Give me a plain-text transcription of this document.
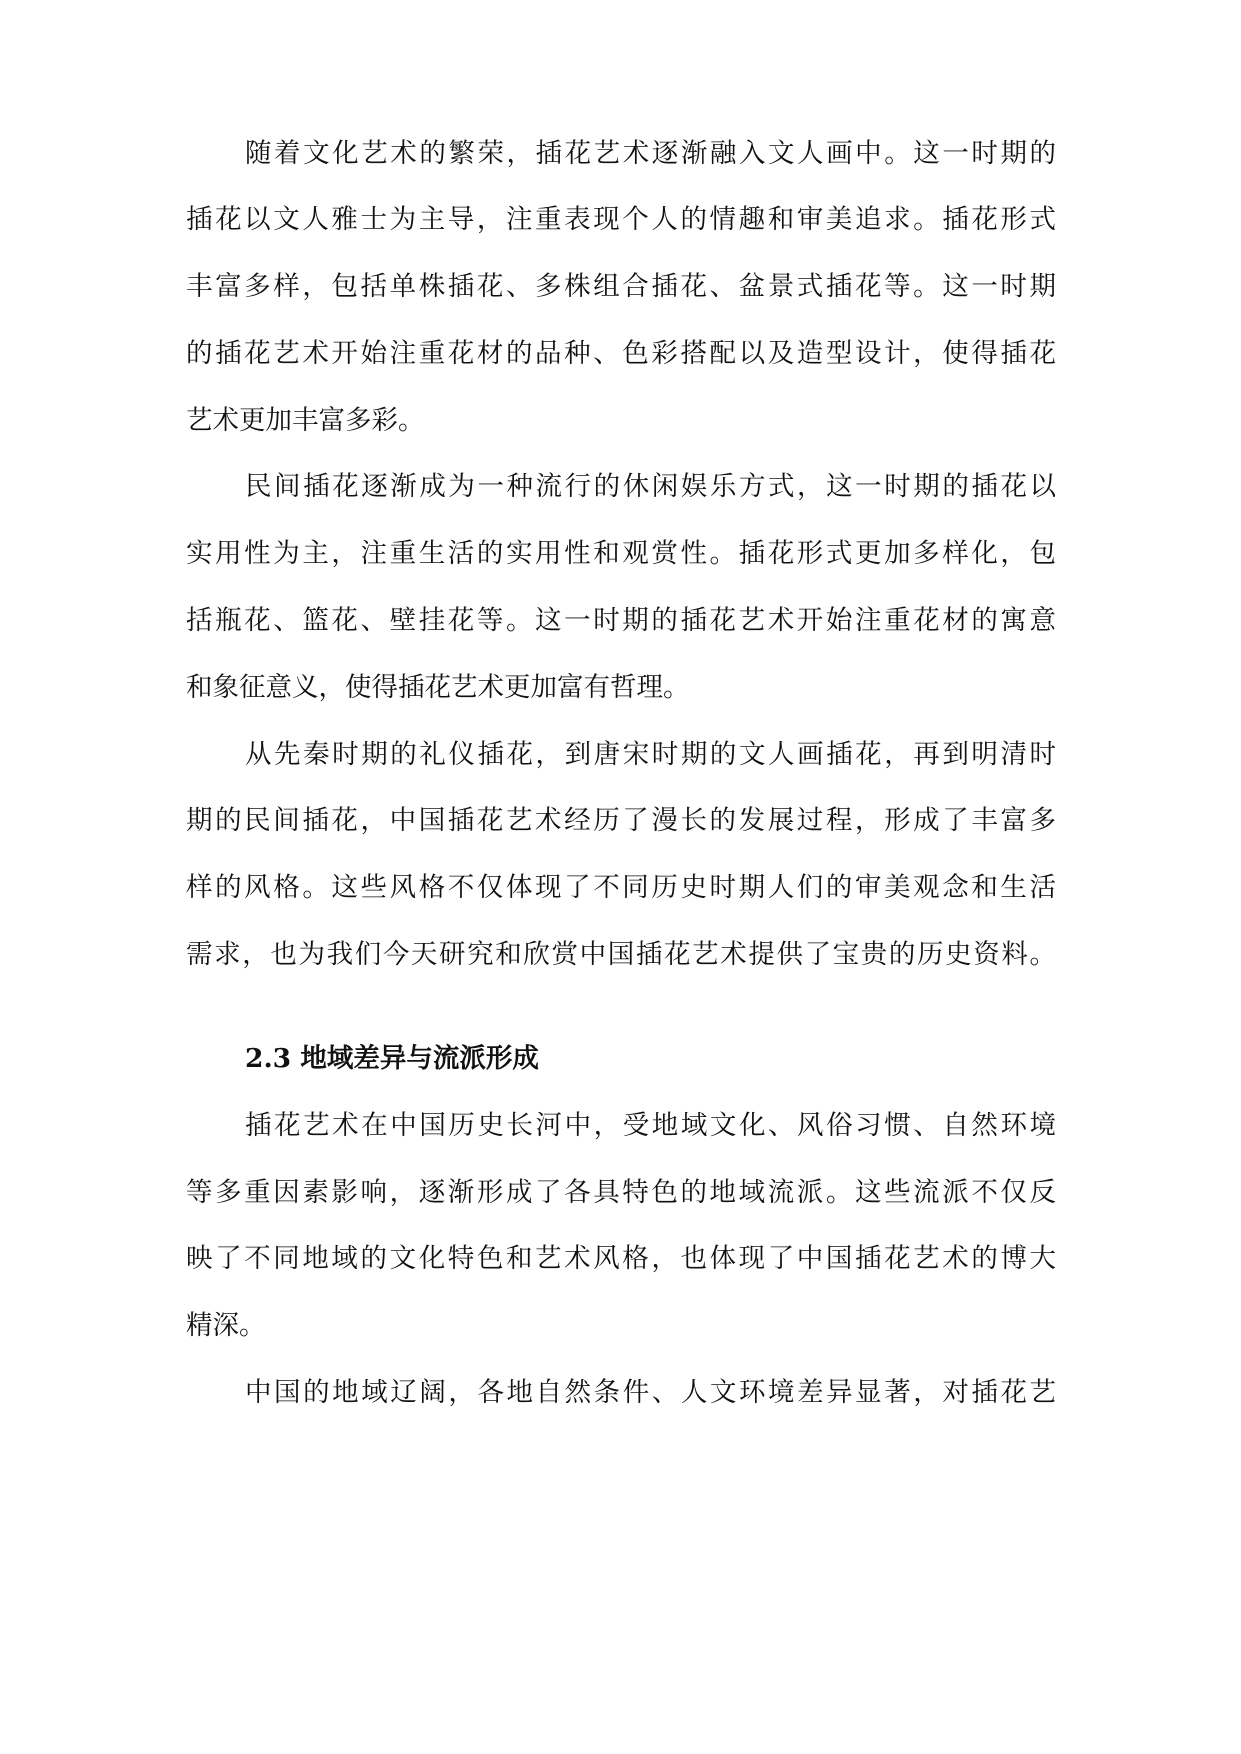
随着文化艺术的繁荣，插花艺术逐渐融入文人画中。这一时期的
插花以文人雅士为主导，注重表现个人的情趣和审美追求。插花形式
丰富多样，包括单株插花、多株组合插花、盆景式插花等。这一时期
的插花艺术开始注重花材的品种、色彩搭配以及造型设计，使得插花
艺术更加丰富多彩。
民间插花逐渐成为一种流行的休闲娱乐方式，这一时期的插花以
实用性为主，注重生活的实用性和观赏性。插花形式更加多样化，包
括瓶花、篮花、壁挂花等。这一时期的插花艺术开始注重花材的寓意
和象征意义，使得插花艺术更加富有哲理。
从先秦时期的礼仪插花，到唐宋时期的文人画插花，再到明清时
期的民间插花，中国插花艺术经历了漫长的发展过程，形成了丰富多
样的风格。这些风格不仅体现了不同历史时期人们的审美观念和生活
需求，也为我们今天研究和欣赏中国插花艺术提供了宝贵的历史资料。
2.3 地域差异与流派形成
插花艺术在中国历史长河中，受地域文化、风俗习惯、自然环境
等多重因素影响，逐渐形成了各具特色的地域流派。这些流派不仅反
映了不同地域的文化特色和艺术风格，也体现了中国插花艺术的博大
精深。
中国的地域辽阔，各地自然条件、人文环境差异显著，对插花艺
